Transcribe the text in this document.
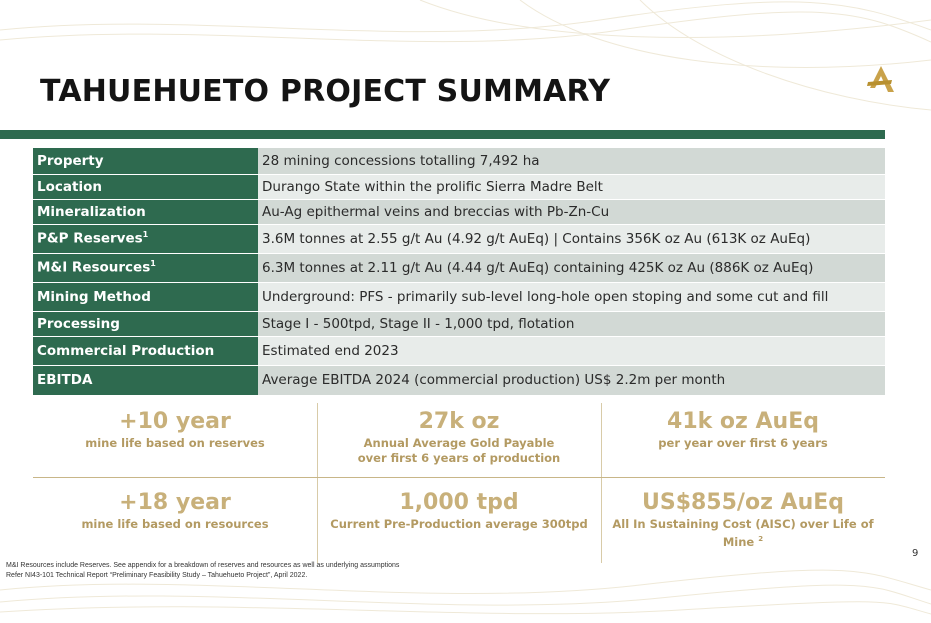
TAHUEHUETO PROJECT SUMMARY
Property	28 mining concessions totalling 7,492 ha
Location	Durango State within the prolific Sierra Madre Belt
Mineralization	Au-Ag epithermal veins and breccias with Pb-Zn-Cu
P&P Reserves$^1$	3.6M tonnes at 2.55 g/t Au (4.92 g/t AuEq) | Contains 356K oz Au (613K oz AuEq)
M&I Resources$^1$	6.3M tonnes at 2.11 g/t Au (4.44 g/t AuEq) containing 425K oz Au (886K oz AuEq)
Mining Method	Underground: PFS - primarily sub-level long-hole open stoping and some cut and fill
Processing	Stage I - 500tpd, Stage II - 1,000 tpd, flotation
Commercial Production	Estimated end 2023
EBITDA	Average EBITDA 2024 (commercial production) US$ 2.2m per month
+10 year
mine life based on reserves
27k oz
Annual Average Gold Payable
over first 6 years of production
41k oz AuEq
per year over first 6 years
+18 year
mine life based on resources
1,000 tpd
Current Pre-Production average 300tpd
US$855/oz AuEq
All In Sustaining Cost (AISC) over Life of
Mine $^2$
M&I Resources include Reserves. See appendix for a breakdown of reserves and resources as well as underlying assumptions
Refer NI43-101 Technical Report “Preliminary Feasibility Study – Tahuehueto Project”, April 2022.
9
